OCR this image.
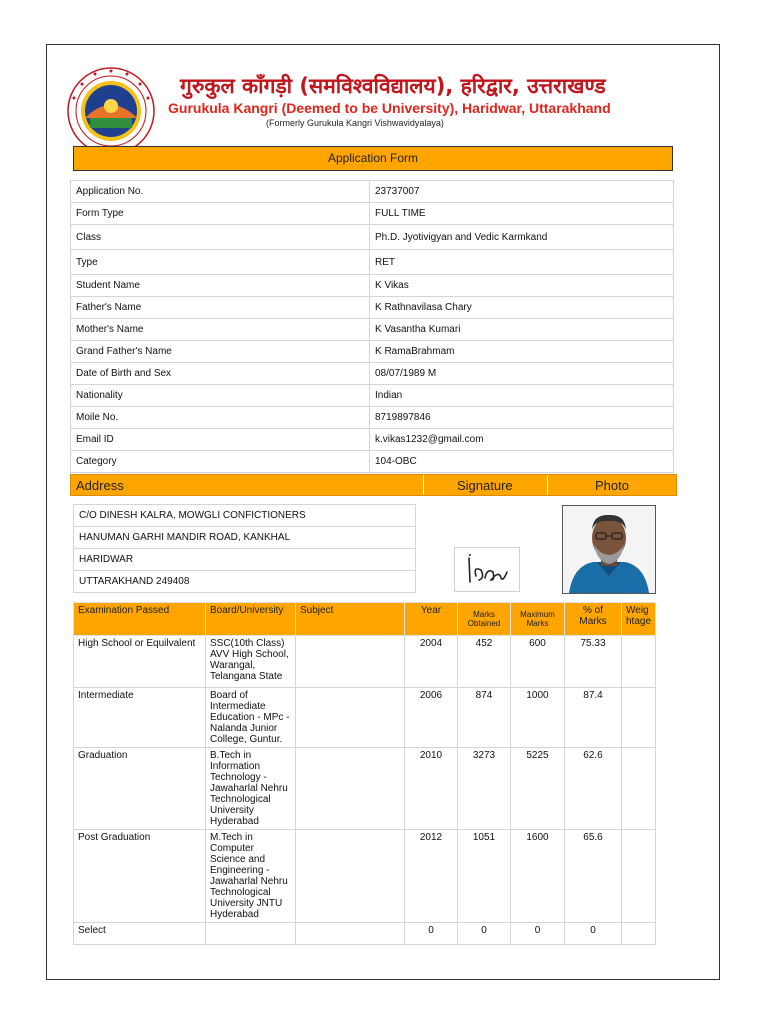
गुरुकुल काँगड़ी (समविश्वविद्यालय), हरिद्वार, उत्तराखण्ड
Gurukula Kangri (Deemed to be University), Haridwar, Uttarakhand
(Formerly Gurukula Kangri Vishwavidyalaya)
Application Form
Application No.	23737007
Form Type	FULL TIME
Class	Ph.D. Jyotivigyan and Vedic Karmkand
Type	RET
Student Name	K Vikas
Father's Name	K Rathnavilasa Chary
Mother's Name	K Vasantha Kumari
Grand Father's Name	K RamaBrahmam
Date of Birth and Sex	08/07/1989 M
Nationality	Indian
Moile No.	8719897846
Email ID	k.vikas1232@gmail.com
Category	104-OBC
Address	Signature	Photo
C/O DINESH KALRA, MOWGLI CONFICTIONERS
HANUMAN GARHI MANDIR ROAD, KANKHAL
HARIDWAR
UTTARAKHAND 249408
Examination Passed	Board/University	Subject	Year	Marks Obtained	Maximum Marks	% of Marks	Weig htage
High School or Equilvalent	SSC(10th Class) AVV High School, Warangal, Telangana State		2004	452	600	75.33	
Intermediate	Board of Intermediate Education - MPc - Nalanda Junior College, Guntur.		2006	874	1000	87.4	
Graduation	B.Tech in Information Technology - Jawaharlal Nehru Technological University Hyderabad		2010	3273	5225	62.6	
Post Graduation	M.Tech in Computer Science and Engineering - Jawaharlal Nehru Technological University JNTU Hyderabad		2012	1051	1600	65.6	
Select			0	0	0	0	
